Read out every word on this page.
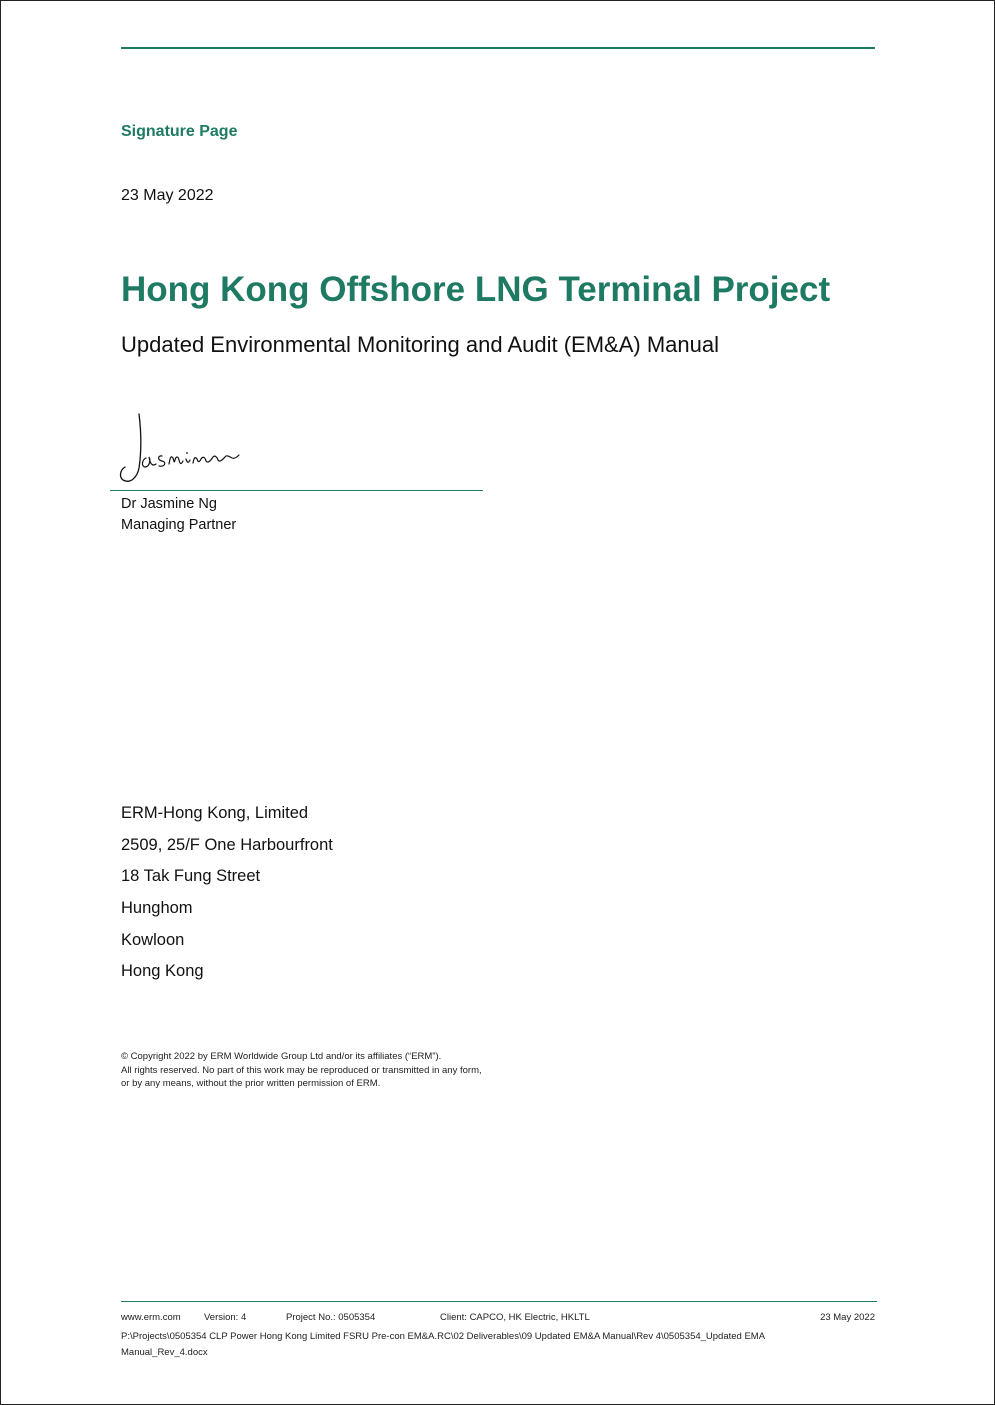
Signature Page
23 May 2022
Hong Kong Offshore LNG Terminal Project
Updated Environmental Monitoring and Audit (EM&A) Manual
Dr Jasmine Ng
Managing Partner
ERM-Hong Kong, Limited
2509, 25/F One Harbourfront
18 Tak Fung Street
Hunghom
Kowloon
Hong Kong
© Copyright 2022 by ERM Worldwide Group Ltd and/or its affiliates (“ERM”).
All rights reserved. No part of this work may be reproduced or transmitted in any form,
or by any means, without the prior written permission of ERM.
www.erm.com Version: 4	Project No.: 0505354	Client: CAPCO, HK Electric, HKLTL	23 May 2022
P:\Projects\0505354 CLP Power Hong Kong Limited FSRU Pre-con EM&A.RC\02 Deliverables\09 Updated EM&A Manual\Rev 4\0505354_Updated EMA Manual_Rev_4.docx
